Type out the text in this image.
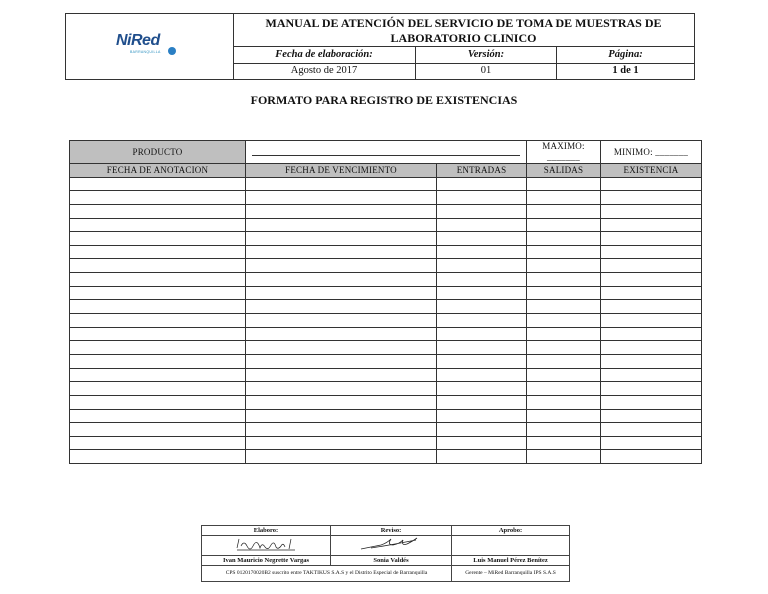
NiRed
BARRANQUILLA
MANUAL DE ATENCIÓN DEL SERVICIO DE TOMA DE MUESTRAS DE LABORATORIO CLINICO
Fecha de elaboración:	Versión:	Página:
Agosto de 2017	01	1 de 1
FORMATO PARA REGISTRO DE EXISTENCIAS
PRODUCTO			MAXIMO: _______	MINIMO: _______
FECHA DE ANOTACION	FECHA DE VENCIMIENTO	ENTRADAS	SALIDAS	EXISTENCIA

Elaboro:	Reviso:	Aprobo:

Ivan Mauricio Negrette Vargas	Sonia Valdés	Luis Manuel Pérez Benítez
CPS 0120170020B2 suscrito entre TAKTIKUS S.A.S y el Distrito Especial de Barranquilla		Gerente – MiRed Barranquilla IPS S.A.S
